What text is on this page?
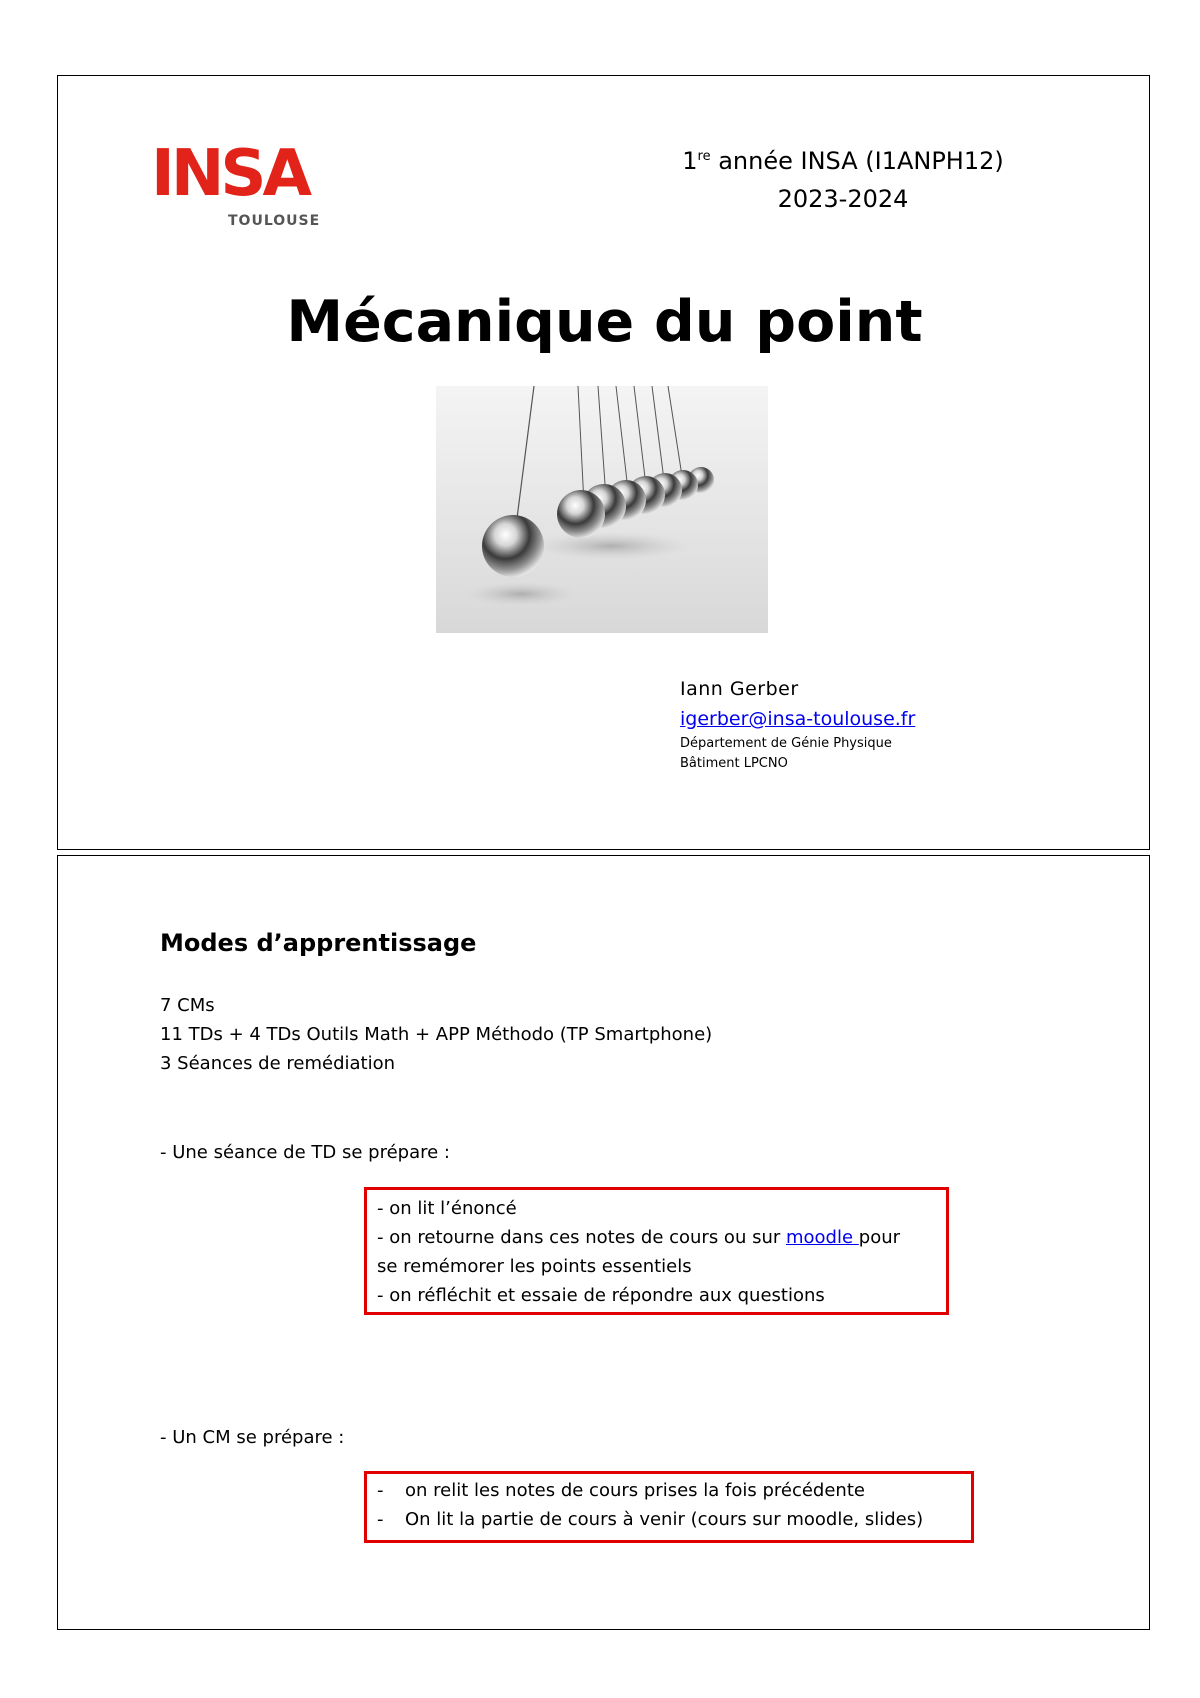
INSA
TOULOUSE
1re année INSA (I1ANPH12)
2023-2024
Mécanique du point
Iann Gerber
igerber@insa-toulouse.fr
Département de Génie Physique
Bâtiment LPCNO
Modes d’apprentissage
7 CMs
11 TDs + 4 TDs Outils Math + APP Méthodo (TP Smartphone)
3 Séances de remédiation
- Une séance de TD se prépare :
- on lit l’énoncé
- on retourne dans ces notes de cours ou sur moodle pour
se remémorer les points essentiels
- on réfléchit et essaie de répondre aux questions
- Un CM se prépare :
- on relit les notes de cours prises la fois précédente
- On lit la partie de cours à venir (cours sur moodle, slides)
